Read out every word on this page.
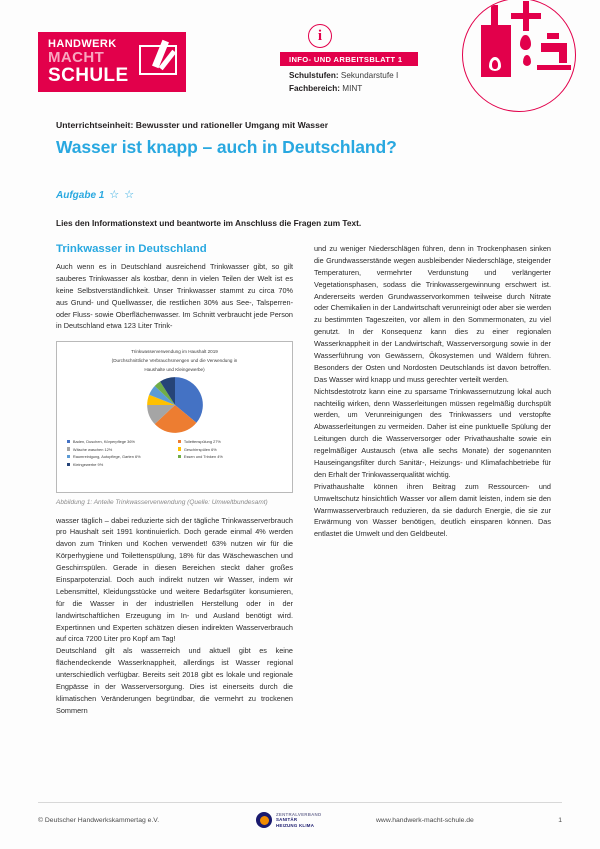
HANDWERK
MACHT
SCHULE
i
INFO- UND ARBEITSBLATT 1
Schulstufen: Sekundarstufe I
Fachbereich: MINT

Unterrichtseinheit: Bewusster und rationeller Umgang mit Wasser

Wasser ist knapp – auch in Deutschland?
Aufgabe 1 ☆ ☆
Lies den Informationstext und beantworte im Anschluss die Fragen zum Text.
Trinkwasser in Deutschland

Auch wenn es in Deutschland ausreichend Trinkwasser gibt, so gilt sauberes Trinkwasser als kostbar, denn in vielen Teilen der Welt ist es keine Selbstverständlichkeit. Unser Trinkwasser stammt zu circa 70% aus Grund- und Quellwasser, die restlichen 30% aus See-, Talsperren- oder Fluss- sowie Oberflächenwasser. Im Schnitt verbraucht jede Person in Deutschland etwa 123 Liter Trink-

Trinkwasserverwendung im Haushalt 2019
(Durchschnittliche Verbrauchsmengen und die Verwendung in
Haushalte und Kleingewerbe)
Baden, Duschen, Körperpflege 36%	Toilettenspülung 27%
Wäsche waschen 12%	Geschirrspülen 6%
Raumreinigung, Autopflege, Garten 6%	Essen und Trinken 4%
Kleingewerbe 9%
Abbildung 1: Anteile Trinkwasserverwendung (Quelle: Umweltbundesamt)

wasser täglich – dabei reduzierte sich der tägliche Trinkwasserverbrauch pro Haushalt seit 1991 kontinuierlich. Doch gerade einmal 4% werden davon zum Trinken und Kochen verwendet! 63% nutzen wir für die Körperhygiene und Toilettenspülung, 18% für das Wäschewaschen und Geschirrspülen. Gerade in diesen Bereichen steckt daher großes Einsparpotenzial. Doch auch indirekt nutzen wir Wasser, indem wir Lebensmittel, Kleidungsstücke und weitere Bedarfsgüter konsumieren, für die Wasser in der industriellen Herstellung oder in der landwirtschaftlichen Erzeugung im In- und Ausland benötigt wird. Expertinnen und Experten schätzen diesen indirekten Wasserverbrauch auf circa 7200 Liter pro Kopf am Tag!

Deutschland gilt als wasserreich und aktuell gibt es keine flächendeckende Wasserknappheit, allerdings ist Wasser regional unterschiedlich verfügbar. Bereits seit 2018 gibt es lokale und regionale Engpässe in der Wasserversorgung. Dies ist einerseits durch die klimatischen Veränderungen begründbar, die vermehrt zu trockenen Sommern

und zu weniger Niederschlägen führen, denn in Trockenphasen sinken die Grundwasserstände wegen ausbleibender Niederschläge, steigender Temperaturen, vermehrter Verdunstung und verlängerter Vegetationsphasen, sodass die Trinkwassergewinnung erschwert ist. Andererseits werden Grundwasservorkommen teilweise durch Nitrate oder Chemikalien in der Landwirtschaft verunreinigt oder aber sie werden zu bestimmten Tageszeiten, vor allem in den Sommermonaten, zu viel genutzt. In der Konsequenz kann dies zu einer regionalen Wasserknappheit in der Landwirtschaft, Wasserversorgung sowie in der Wasserführung von Gewässern, Ökosystemen und Wäldern führen. Besonders der Osten und Nordosten Deutschlands ist davon betroffen. Das Wasser wird knapp und muss gerechter verteilt werden.

Nichtsdestotrotz kann eine zu sparsame Trinkwassernutzung lokal auch nachteilig wirken, denn Wasserleitungen müssen regelmäßig durchspült werden, um Verunreinigungen des Trinkwassers und verstopfte Abwasserleitungen zu vermeiden. Daher ist eine punktuelle Spülung der Leitungen durch die Wasserversorger oder Privathaushalte sowie ein regelmäßiger Austausch (etwa alle sechs Monate) der sogenannten Hauseingangsfilter durch Sanitär-, Heizungs- und Klimafachbetriebe für den Erhalt der Trinkwasserqualität wichtig.

Privathaushalte können ihren Beitrag zum Ressourcen- und Umweltschutz hinsichtlich Wasser vor allem damit leisten, indem sie den Warmwasserverbrauch reduzieren, da sie dadurch Energie, die sie zur Erwärmung von Wasser benötigen, deutlich einsparen können. Das entlastet die Umwelt und den Geldbeutel.

© Deutscher Handwerkskammertag e.V.
ZENTRALVERBAND
SANITÄR
HEIZUNG KLIMA
www.handwerk-macht-schule.de	1
